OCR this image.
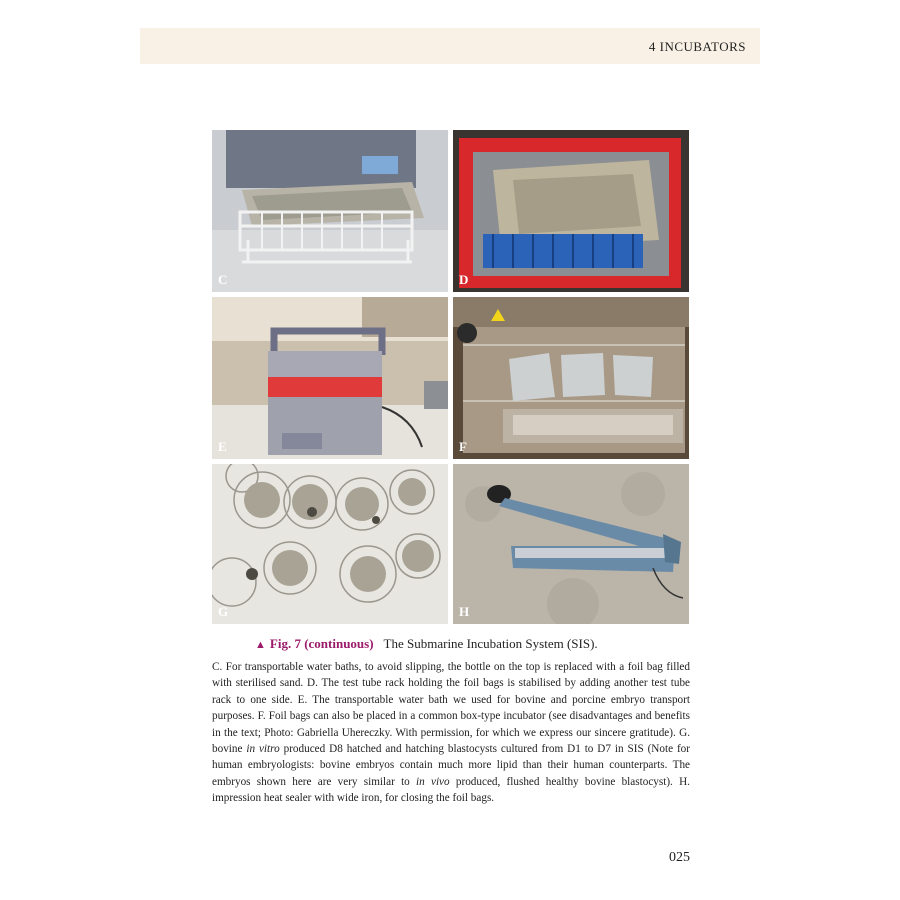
4 INCUBATORS
C	D
E	F
G	H
▲ Fig. 7 (continuous) The Submarine Incubation System (SIS).

C. For transportable water baths, to avoid slipping, the bottle on the top is replaced with a foil bag filled with sterilised sand. D. The test tube rack holding the foil bags is stabilised by adding another test tube rack to one side. E. The transportable water bath we used for bovine and porcine embryo transport purposes. F. Foil bags can also be placed in a common box-type incubator (see disadvantages and benefits in the text; Photo: Gabriella Uhereczky. With permission, for which we express our sincere gratitude). G. bovine in vitro produced D8 hatched and hatching blastocysts cultured from D1 to D7 in SIS (Note for human embryologists: bovine embryos contain much more lipid than their human counterparts. The embryos shown here are very similar to in vivo produced, flushed healthy bovine blastocyst). H. impression heat sealer with wide iron, for closing the foil bags.

025
